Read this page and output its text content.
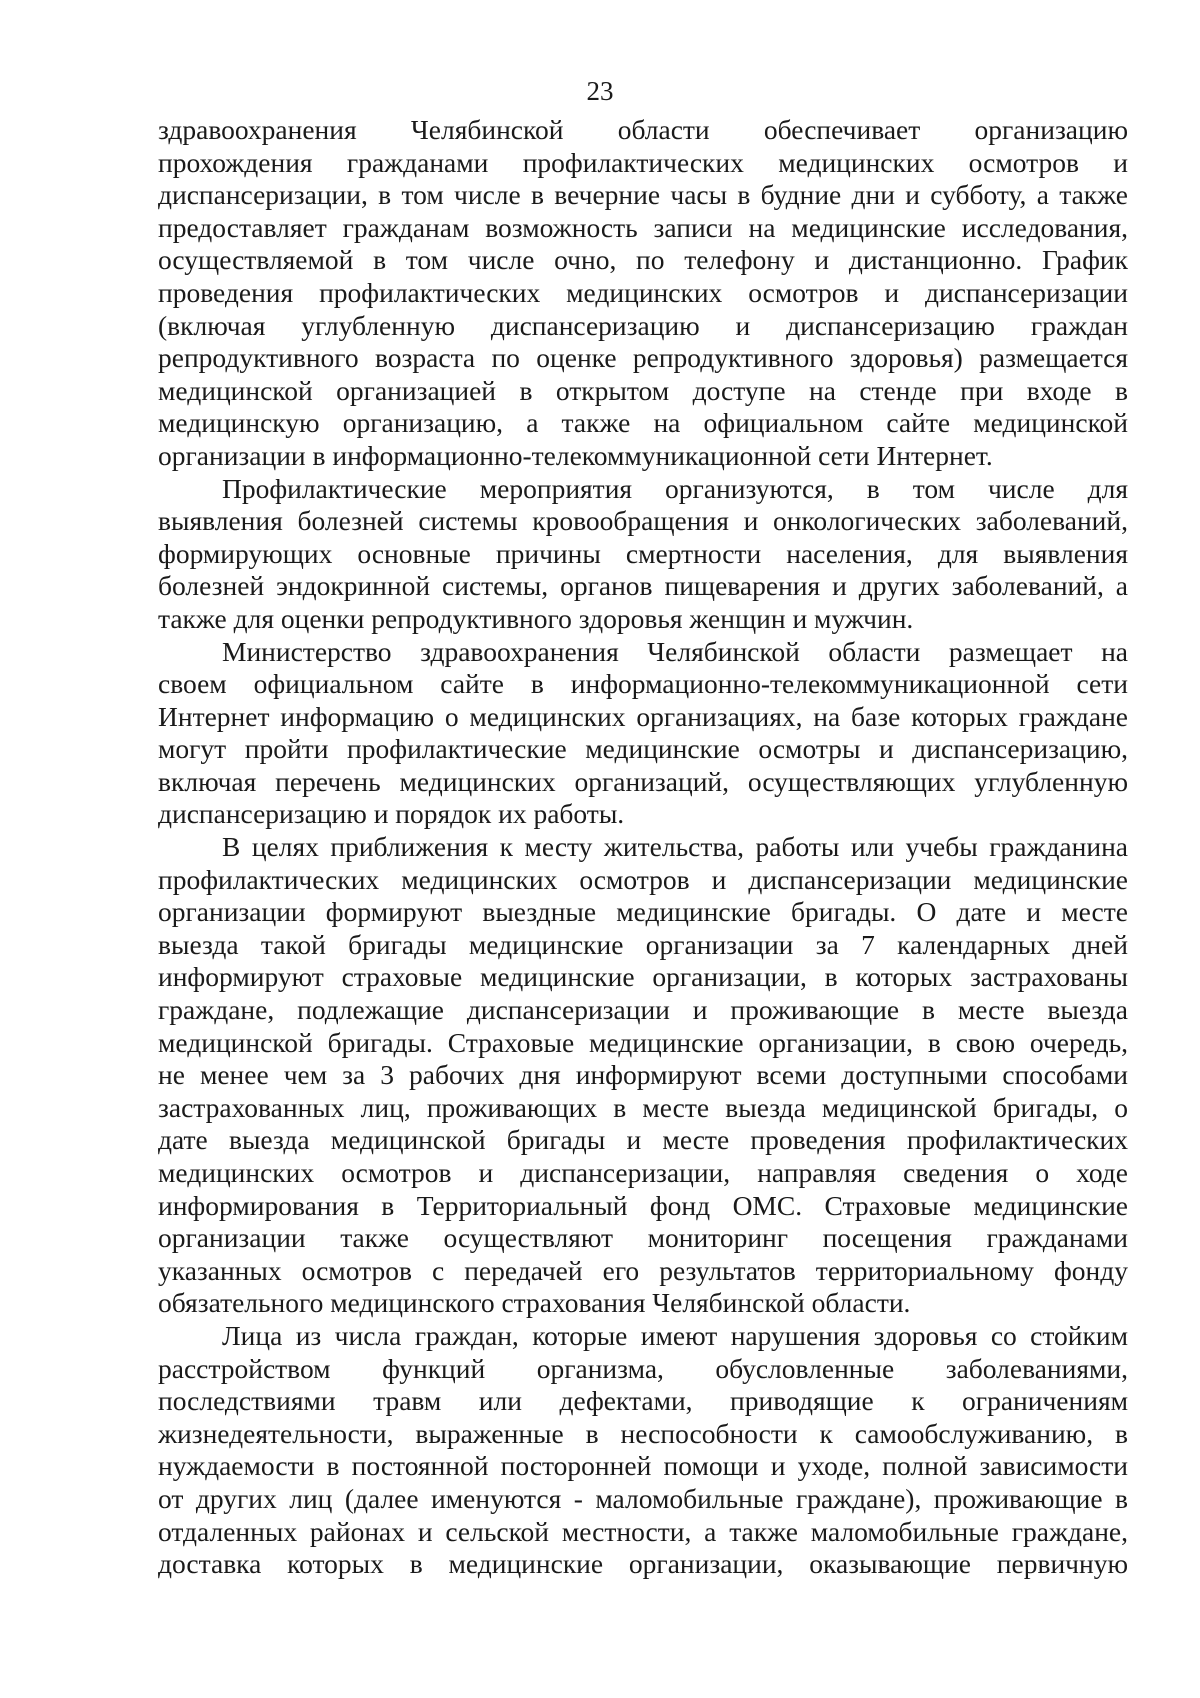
23
здравоохранения Челябинской области обеспечивает организацию
прохождения гражданами профилактических медицинских осмотров и
диспансеризации, в том числе в вечерние часы в будние дни и субботу, а также
предоставляет гражданам возможность записи на медицинские исследования,
осуществляемой в том числе очно, по телефону и дистанционно. График
проведения профилактических медицинских осмотров и диспансеризации
(включая углубленную диспансеризацию и диспансеризацию граждан
репродуктивного возраста по оценке репродуктивного здоровья) размещается
медицинской организацией в открытом доступе на стенде при входе в
медицинскую организацию, а также на официальном сайте медицинской
организации в информационно-телекоммуникационной сети Интернет.
Профилактические мероприятия организуются, в том числе для
выявления болезней системы кровообращения и онкологических заболеваний,
формирующих основные причины смертности населения, для выявления
болезней эндокринной системы, органов пищеварения и других заболеваний, а
также для оценки репродуктивного здоровья женщин и мужчин.
Министерство здравоохранения Челябинской области размещает на
своем официальном сайте в информационно-телекоммуникационной сети
Интернет информацию о медицинских организациях, на базе которых граждане
могут пройти профилактические медицинские осмотры и диспансеризацию,
включая перечень медицинских организаций, осуществляющих углубленную
диспансеризацию и порядок их работы.
В целях приближения к месту жительства, работы или учебы гражданина
профилактических медицинских осмотров и диспансеризации медицинские
организации формируют выездные медицинские бригады. О дате и месте
выезда такой бригады медицинские организации за 7 календарных дней
информируют страховые медицинские организации, в которых застрахованы
граждане, подлежащие диспансеризации и проживающие в месте выезда
медицинской бригады. Страховые медицинские организации, в свою очередь,
не менее чем за 3 рабочих дня информируют всеми доступными способами
застрахованных лиц, проживающих в месте выезда медицинской бригады, о
дате выезда медицинской бригады и месте проведения профилактических
медицинских осмотров и диспансеризации, направляя сведения о ходе
информирования в Территориальный фонд ОМС. Страховые медицинские
организации также осуществляют мониторинг посещения гражданами
указанных осмотров с передачей его результатов территориальному фонду
обязательного медицинского страхования Челябинской области.
Лица из числа граждан, которые имеют нарушения здоровья со стойким
расстройством функций организма, обусловленные заболеваниями,
последствиями травм или дефектами, приводящие к ограничениям
жизнедеятельности, выраженные в неспособности к самообслуживанию, в
нуждаемости в постоянной посторонней помощи и уходе, полной зависимости
от других лиц (далее именуются - маломобильные граждане), проживающие в
отдаленных районах и сельской местности, а также маломобильные граждане,
доставка которых в медицинские организации, оказывающие первичную
